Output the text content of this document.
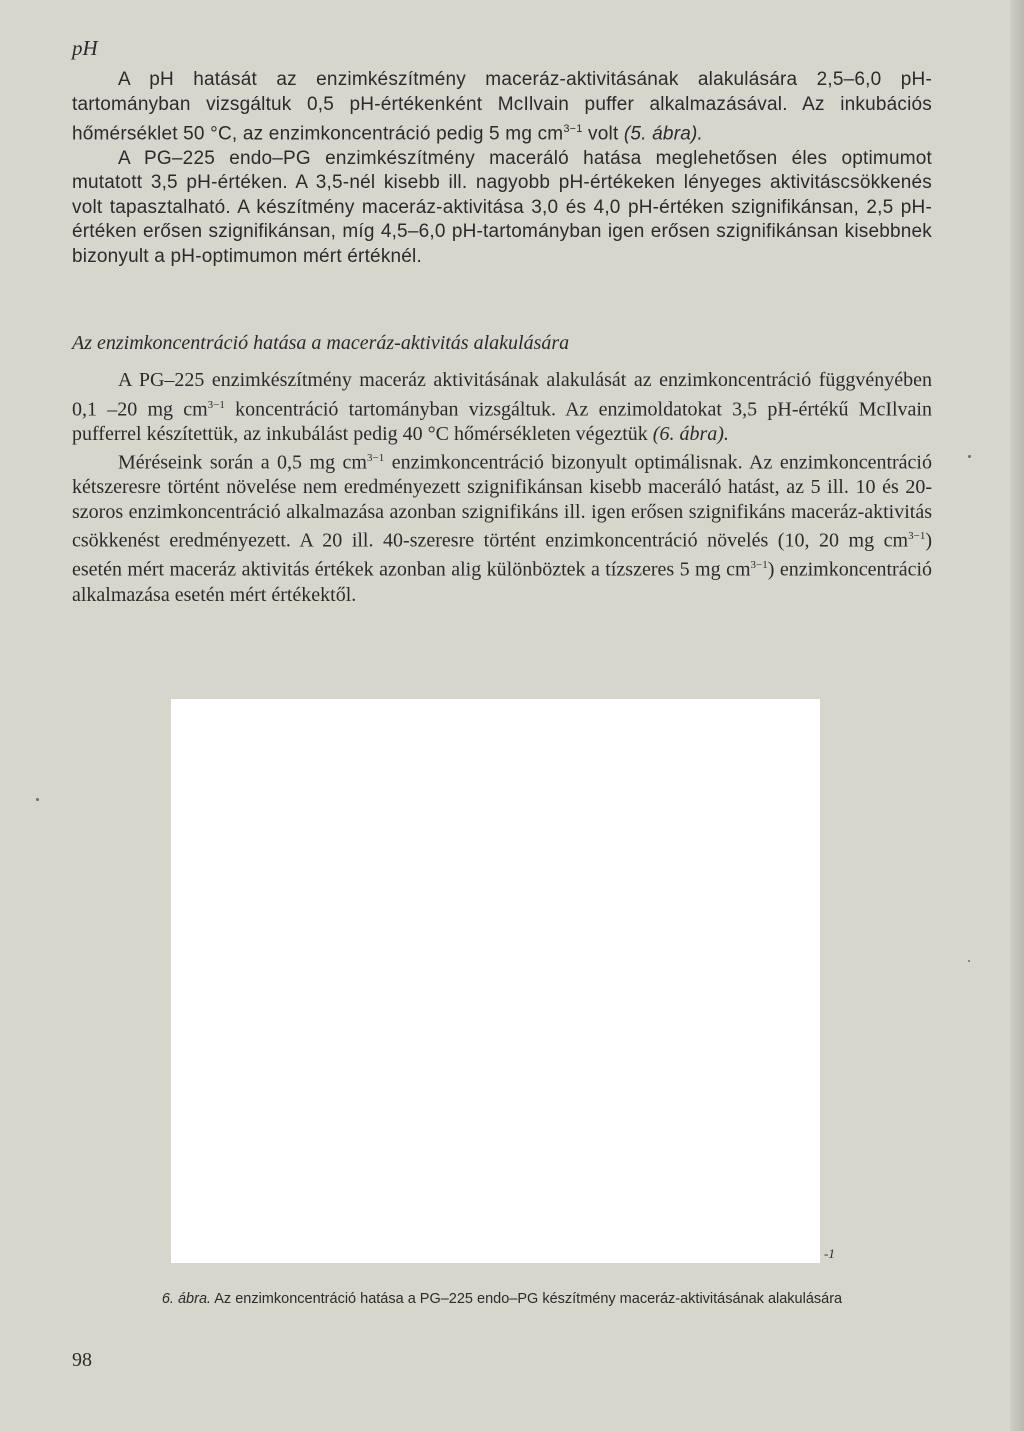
pH

A pH hatását az enzimkészítmény maceráz-aktivitásának alakulására 2,5–6,0 pH-tartományban vizsgáltuk 0,5 pH-értékenként McIlvain puffer alkalmazásával. Az inkubációs hőmérséklet 50 °C, az enzimkoncentráció pedig 5 mg $cm^{3-1}$ volt (5. ábra).

A PG–225 endo–PG enzimkészítmény maceráló hatása meglehetősen éles optimumot mutatott 3,5 pH-értéken. A 3,5-nél kisebb ill. nagyobb pH-értékeken lényeges aktivitáscsökkenés volt tapasztalható. A készítmény maceráz-aktivitása 3,0 és 4,0 pH-értéken szignifikánsan, 2,5 pH-értéken erősen szignifikánsan, míg 4,5–6,0 pH-tartományban igen erősen szignifikánsan kisebbnek bizonyult a pH-optimumon mért értéknél.

Az enzimkoncentráció hatása a maceráz-aktivitás alakulására

A PG–225 enzimkészítmény maceráz aktivitásának alakulását az enzimkoncentráció függvényében 0,1 –20 mg $cm^{3-1}$ koncentráció tartományban vizsgáltuk. Az enzimoldatokat 3,5 pH-értékű McIlvain pufferrel készítettük, az inkubálást pedig 40 °C hőmérsékleten végeztük (6. ábra).

Méréseink során a 0,5 mg $cm^{3-1}$ enzimkoncentráció bizonyult optimálisnak. Az enzimkoncentráció kétszeresre történt növelése nem eredményezett szignifikánsan kisebb maceráló hatást, az 5 ill. 10 és 20-szoros enzimkoncentráció alkalmazása azonban szignifikáns ill. igen erősen szignifikáns maceráz-aktivitás csökkenést eredményezett. A 20 ill. 40-szeresre történt enzimkoncentráció növelés (10, 20 mg $cm^{3-1}$) esetén mért maceráz aktivitás értékek azonban alig különböztek a tízszeres 5 mg $cm^{3-1}$) enzimkoncentráció alkalmazása esetén mért értékektől.

-1
6. ábra. Az enzimkoncentráció hatása a PG–225 endo–PG készítmény maceráz-aktivitásának alakulására
98
